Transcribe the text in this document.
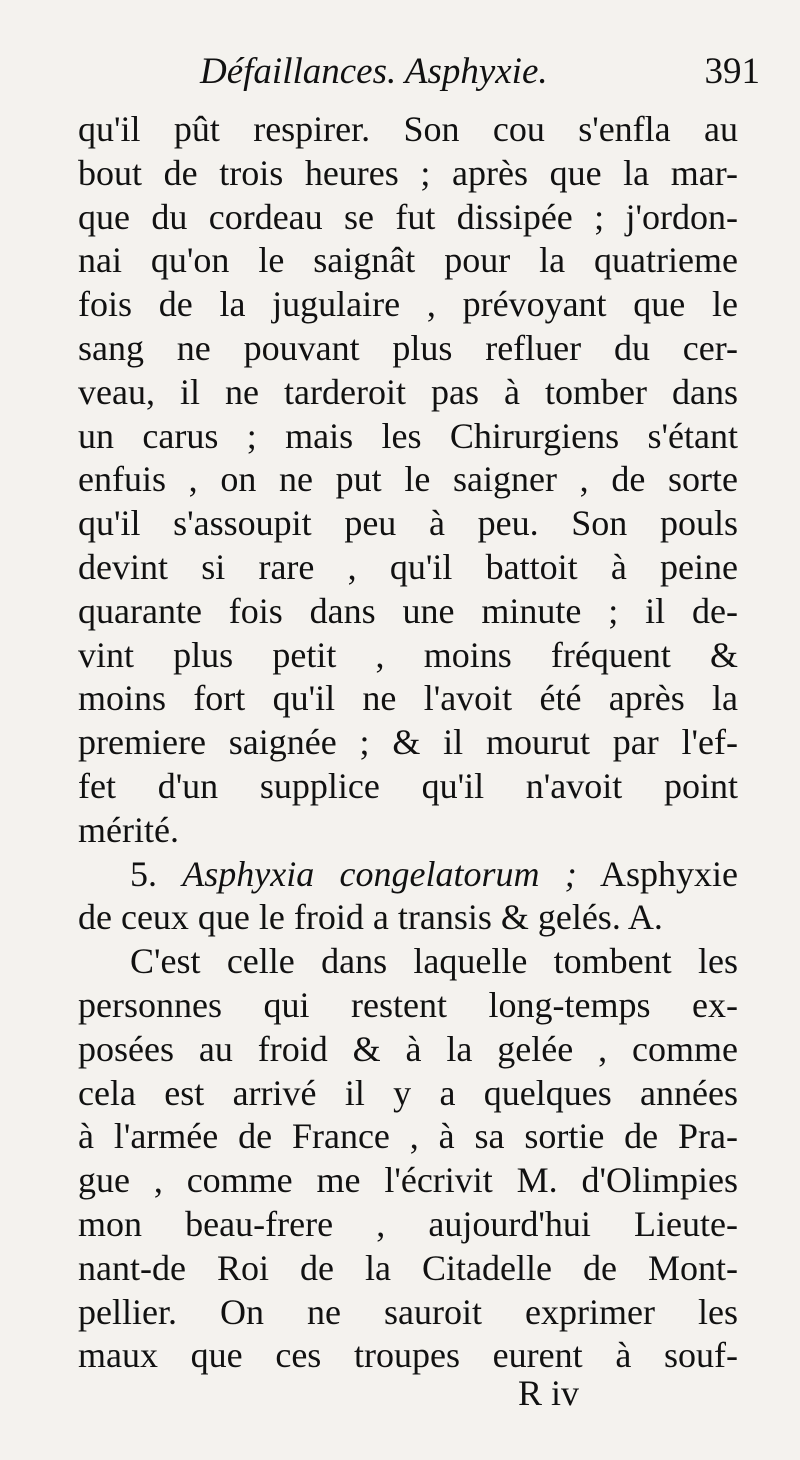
Défaillances. Asphyxie.	391
qu'il pût respirer. Son cou s'enfla au
bout de trois heures ; après que la mar-
que du cordeau se fut dissipée ; j'ordon-
nai qu'on le saignât pour la quatrieme
fois de la jugulaire , prévoyant que le
sang ne pouvant plus refluer du cer-
veau, il ne tarderoit pas à tomber dans
un carus ; mais les Chirurgiens s'étant
enfuis , on ne put le saigner , de sorte
qu'il s'assoupit peu à peu. Son pouls
devint si rare , qu'il battoit à peine
quarante fois dans une minute ; il de-
vint plus petit , moins fréquent &
moins fort qu'il ne l'avoit été après la
premiere saignée ; & il mourut par l'ef-
fet d'un supplice qu'il n'avoit point
mérité.
5. Asphyxia congelatorum ; Asphyxie
de ceux que le froid a transis & gelés. A.
C'est celle dans laquelle tombent les
personnes qui restent long-temps ex-
posées au froid & à la gelée , comme
cela est arrivé il y a quelques années
à l'armée de France , à sa sortie de Pra-
gue , comme me l'écrivit M. d'Olimpies
mon beau-frere , aujourd'hui Lieute-
nant-de Roi de la Citadelle de Mont-
pellier. On ne sauroit exprimer les
maux que ces troupes eurent à souf-
R iv
